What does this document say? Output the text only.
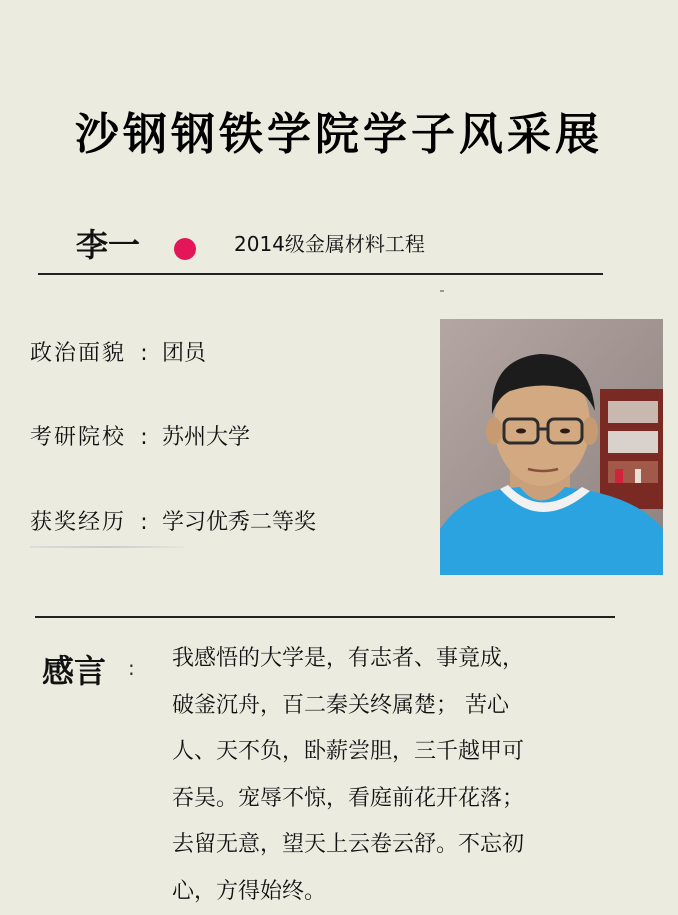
沙钢钢铁学院学子风采展
李一	2014级金属材料工程
政治面貌 : 团员
考研院校 : 苏州大学
获奖经历 : 学习优秀二等奖
感言 : 我感悟的大学是，有志者、事竟成，
破釜沉舟，百二秦关终属楚； 苦心
人、天不负，卧薪尝胆，三千越甲可
吞吴。宠辱不惊，看庭前花开花落；
去留无意，望天上云卷云舒。不忘初
心，方得始终。
